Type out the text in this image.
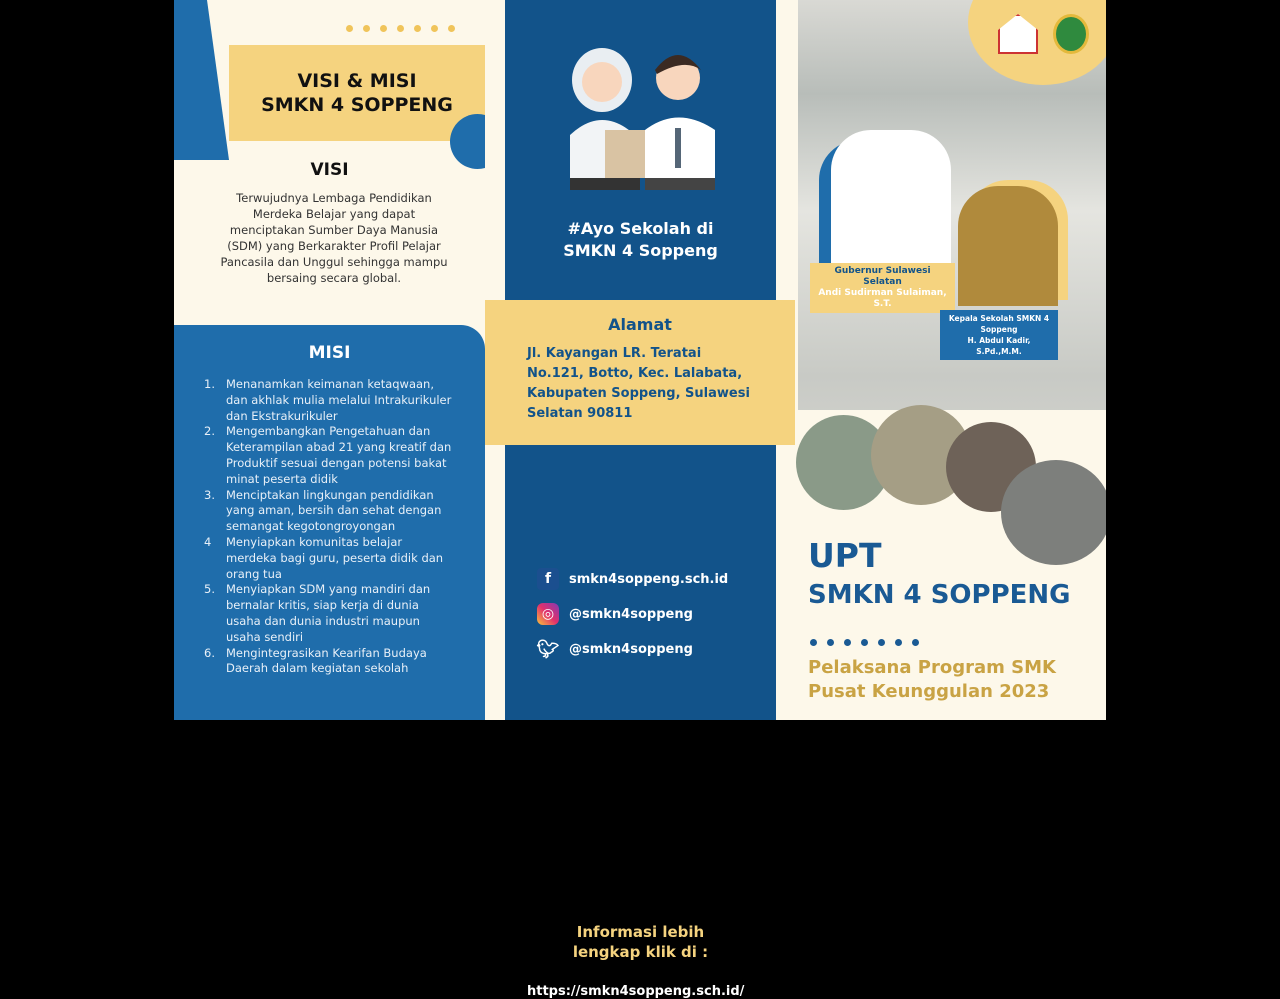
VISI & MISI
SMKN 4 SOPPENG
VISI
Terwujudnya Lembaga Pendidikan Merdeka Belajar yang dapat menciptakan Sumber Daya Manusia (SDM) yang Berkarakter Profil Pelajar Pancasila dan Unggul sehingga mampu bersaing secara global.
MISI
1. Menanamkan keimanan ketaqwaan, dan akhlak mulia melalui Intrakurikuler dan Ekstrakurikuler
2. Mengembangkan Pengetahuan dan Keterampilan abad 21 yang kreatif dan Produktif sesuai dengan potensi bakat minat peserta didik
3. Menciptakan lingkungan pendidikan yang aman, bersih dan sehat dengan semangat kegotongroyongan
4	Menyiapkan komunitas belajar merdeka bagi guru, peserta didik dan orang tua
5. Menyiapkan SDM yang mandiri dan bernalar kritis, siap kerja di dunia usaha dan dunia industri maupun usaha sendiri
6. Mengintegrasikan Kearifan Budaya Daerah dalam kegiatan sekolah
#Ayo Sekolah di
SMKN 4 Soppeng
Alamat

Jl. Kayangan LR. Teratai No.121, Botto, Kec. Lalabata, Kabupaten Soppeng, Sulawesi Selatan 90811

Informasi lebih
lengkap klik di :
https://smkn4soppeng.sch.id/
f	smkn4soppeng.sch.id
◎	@smkn4soppeng
🐦︎ @smkn4soppeng
Gubernur Sulawesi Selatan
Andi Sudirman Sulaiman, S.T.
Kepala Sekolah SMKN 4 Soppeng
H. Abdul Kadir, S.Pd.,M.M.
UPT
SMKN 4 SOPPENG
Pelaksana Program SMK
Pusat Keunggulan 2023
